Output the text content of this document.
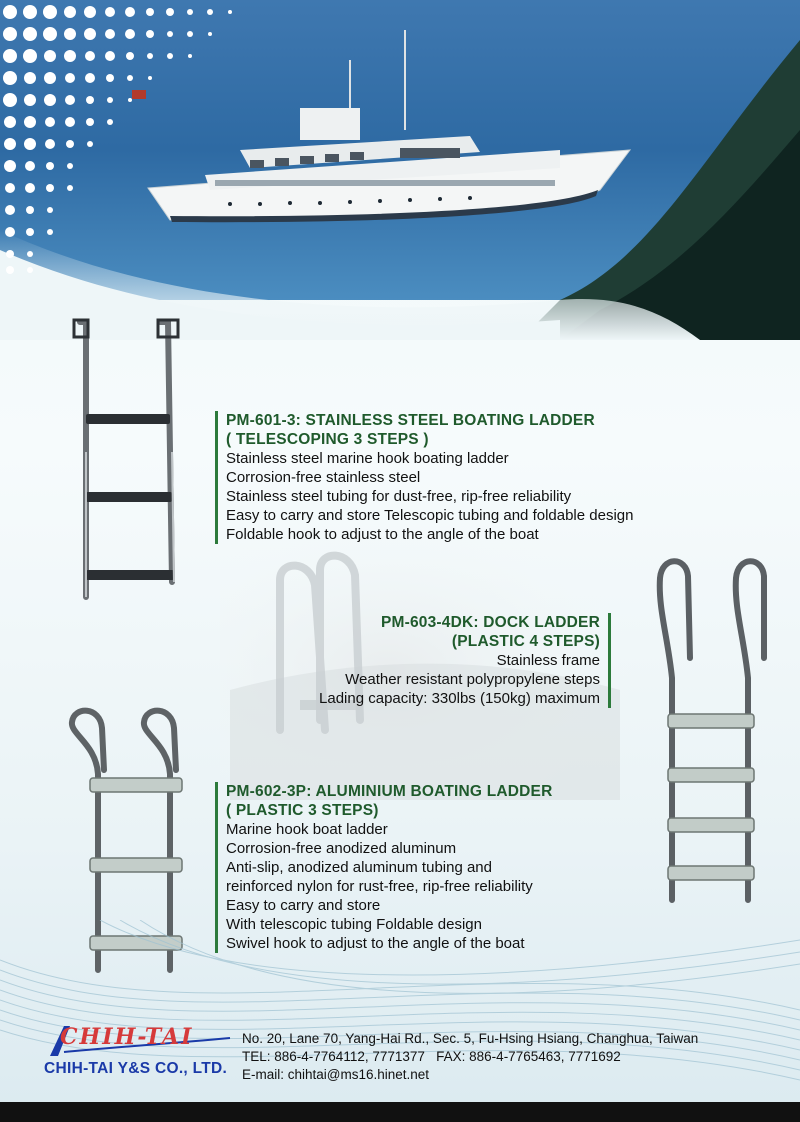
PM-601-3: STAINLESS STEEL BOATING LADDER
( TELESCOPING 3 STEPS )
Stainless steel marine hook boating ladder
Corrosion-free stainless steel
Stainless steel tubing for dust-free, rip-free reliability
Easy to carry and store Telescopic tubing and foldable design
Foldable hook to adjust to the angle of the boat
PM-603-4DK: DOCK LADDER
(PLASTIC 4 STEPS)
Stainless frame
Weather resistant polypropylene steps
Lading capacity: 330lbs (150kg) maximum
PM-602-3P: ALUMINIUM BOATING LADDER
( PLASTIC 3 STEPS)
Marine hook boat ladder
Corrosion-free anodized aluminum
Anti-slip, anodized aluminum tubing and
reinforced nylon for rust-free, rip-free reliability
Easy to carry and store
With telescopic tubing Foldable design
Swivel hook to adjust to the angle of the boat
CHIH-TAI
CHIH-TAI Y&S CO., LTD.
No. 20, Lane 70, Yang-Hai Rd., Sec. 5, Fu-Hsing Hsiang, Changhua, Taiwan
TEL: 886-4-7764112, 7771377   FAX: 886-4-7765463, 7771692
E-mail: chihtai@ms16.hinet.net
